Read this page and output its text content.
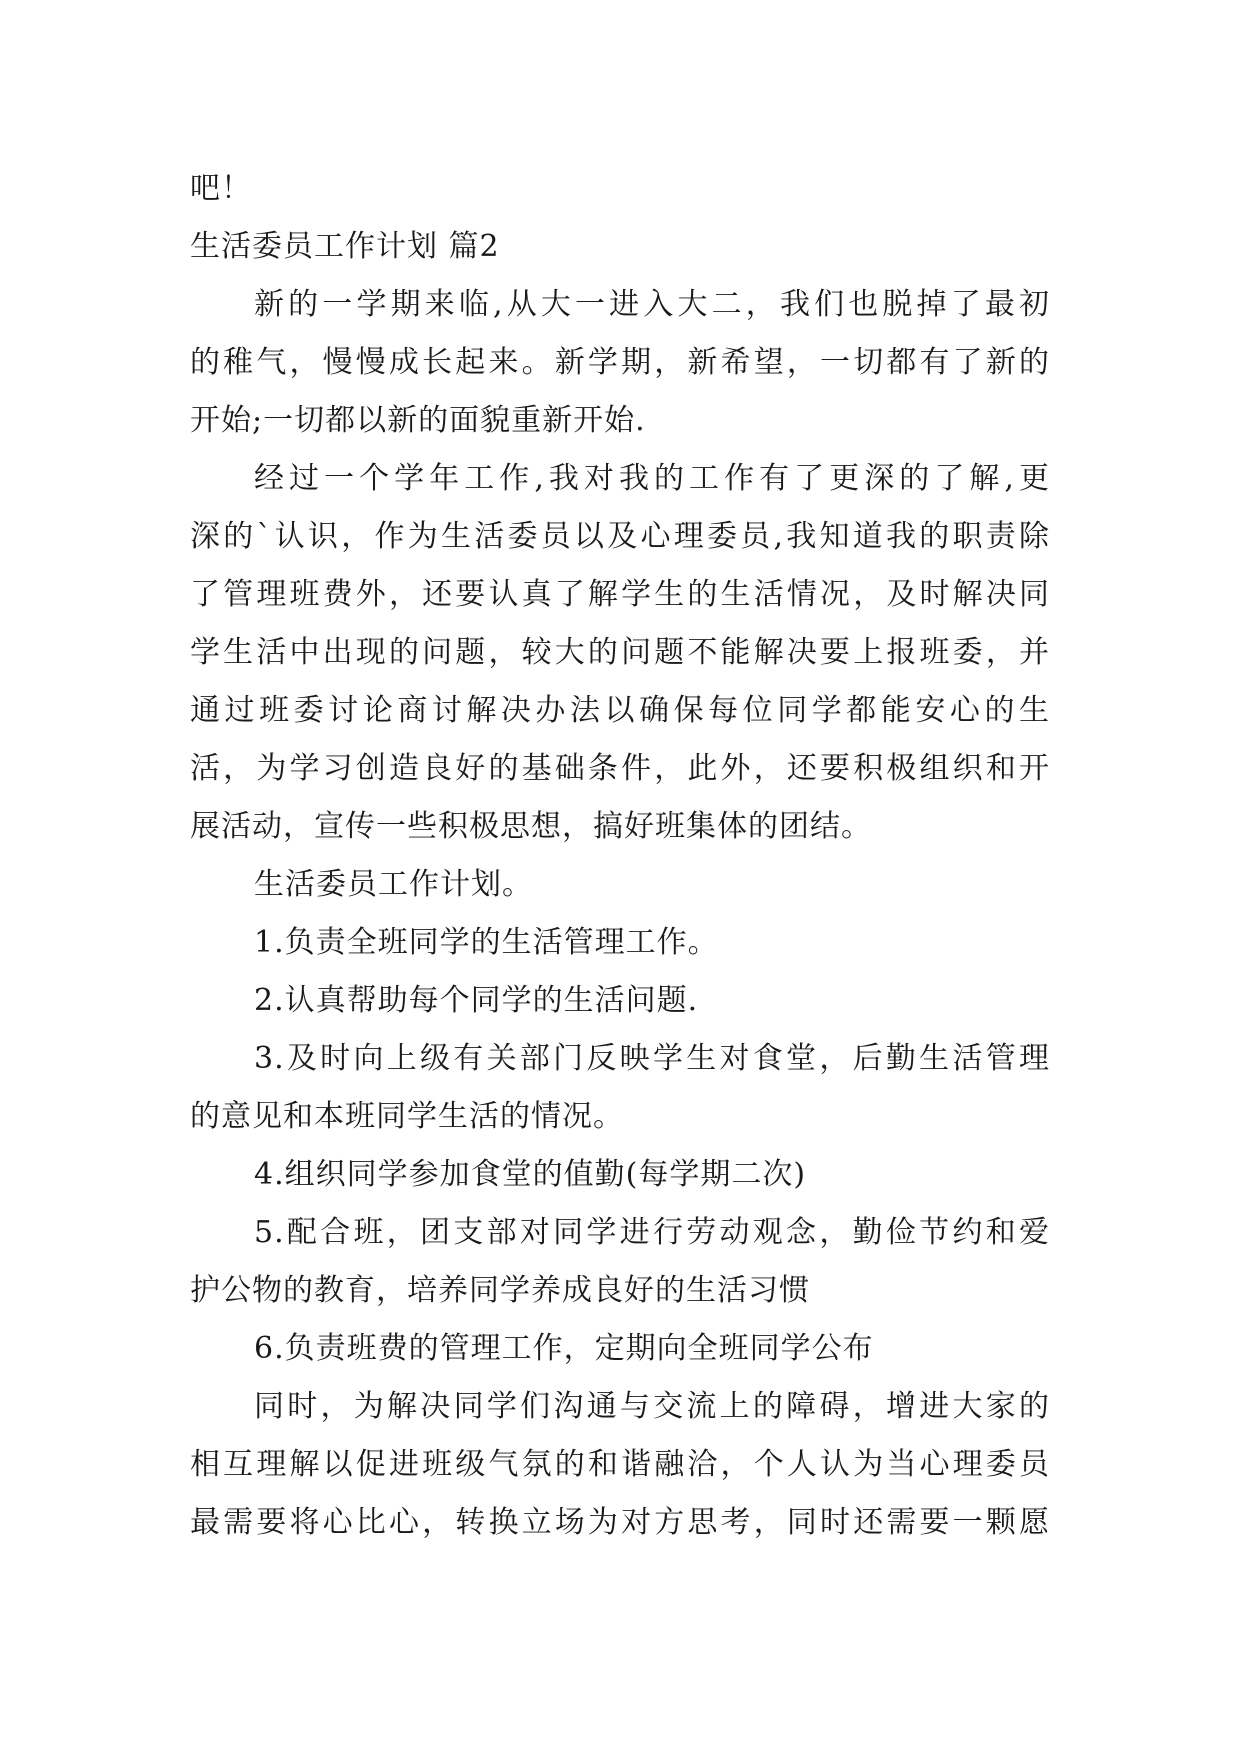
吧！
生活委员工作计划 篇2
新的一学期来临,从大一进入大二，我们也脱掉了最初
的稚气，慢慢成长起来。新学期，新希望，一切都有了新的
开始;一切都以新的面貌重新开始.
经过一个学年工作,我对我的工作有了更深的了解,更
深的`认识，作为生活委员以及心理委员,我知道我的职责除
了管理班费外，还要认真了解学生的生活情况，及时解决同
学生活中出现的问题，较大的问题不能解决要上报班委，并
通过班委讨论商讨解决办法以确保每位同学都能安心的生
活，为学习创造良好的基础条件，此外，还要积极组织和开
展活动，宣传一些积极思想，搞好班集体的团结。
生活委员工作计划。
1.负责全班同学的生活管理工作。
2.认真帮助每个同学的生活问题.
3.及时向上级有关部门反映学生对食堂，后勤生活管理
的意见和本班同学生活的情况。
4.组织同学参加食堂的值勤(每学期二次)
5.配合班，团支部对同学进行劳动观念，勤俭节约和爱
护公物的教育，培养同学养成良好的生活习惯
6.负责班费的管理工作，定期向全班同学公布
同时，为解决同学们沟通与交流上的障碍，增进大家的
相互理解以促进班级气氛的和谐融洽，个人认为当心理委员
最需要将心比心，转换立场为对方思考，同时还需要一颗愿
